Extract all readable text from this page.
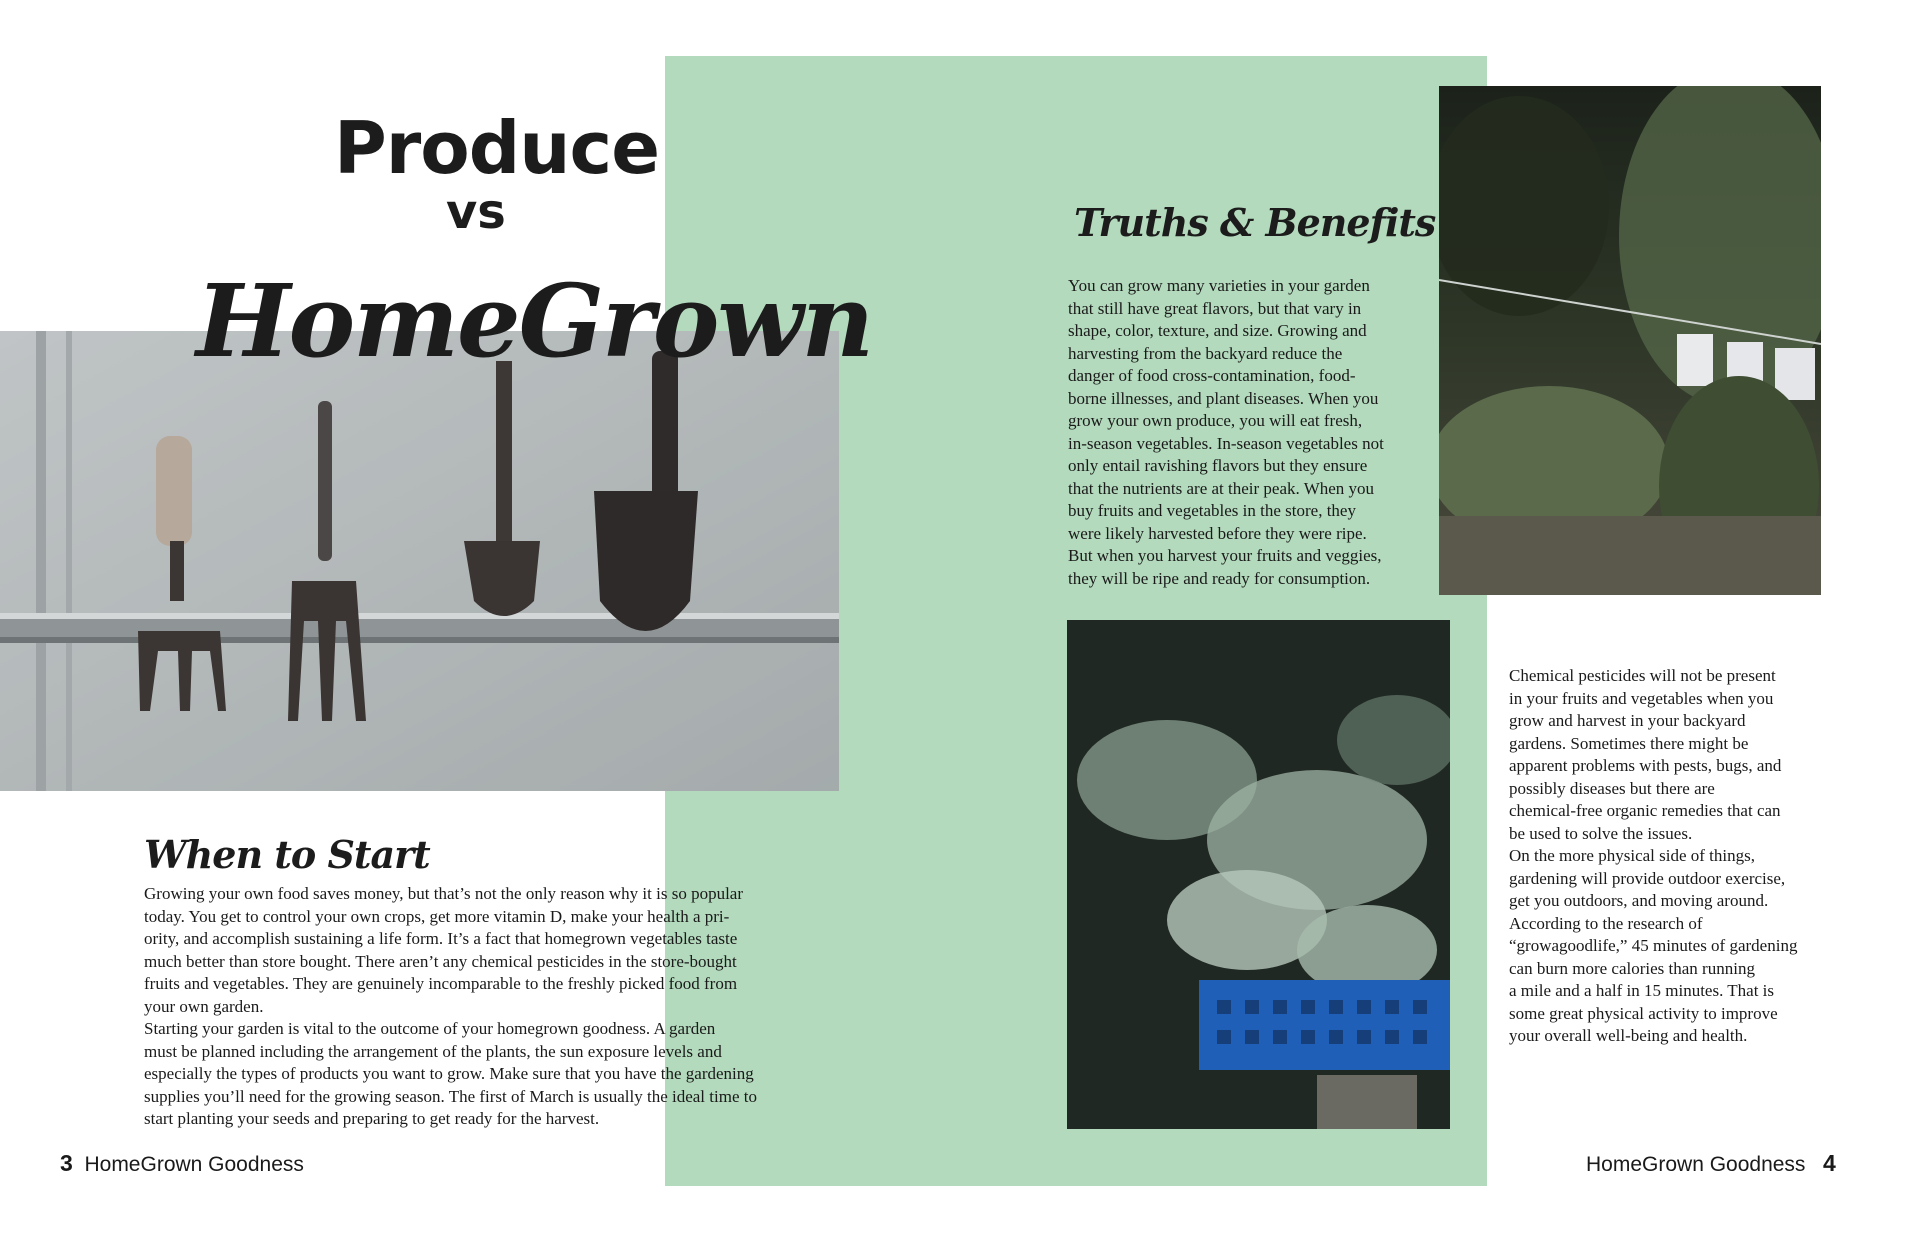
Produce
vs
HomeGrown
Truths & Benefits

You can grow many varieties in your garden

that still have great flavors, but that vary in

shape, color, texture, and size. Growing and

harvesting from the backyard reduce the

danger of food cross-contamination, food-

borne illnesses, and plant diseases. When you

grow your own produce, you will eat fresh,

in-season vegetables. In-season vegetables not

only entail ravishing flavors but they ensure

that the nutrients are at their peak. When you

buy fruits and vegetables in the store, they

were likely harvested before they were ripe.

But when you harvest your fruits and veggies,

they will be ripe and ready for consumption.

Chemical pesticides will not be present

in your fruits and vegetables when you

grow and harvest in your backyard

gardens. Sometimes there might be

apparent problems with pests, bugs, and

possibly diseases but there are

chemical-free organic remedies that can

be used to solve the issues.

On the more physical side of things,

gardening will provide outdoor exercise,

get you outdoors, and moving around.

According to the research of

“growagoodlife,” 45 minutes of gardening

can burn more calories than running

a mile and a half in 15 minutes. That is

some great physical activity to improve

your overall well-being and health.

When to Start

Growing your own food saves money, but that’s not the only reason why it is so popular

today. You get to control your own crops, get more vitamin D, make your health a pri-

ority, and accomplish sustaining a life form. It’s a fact that homegrown vegetables taste

much better than store bought. There aren’t any chemical pesticides in the store-bought

fruits and vegetables. They are genuinely incomparable to the freshly picked food from

your own garden.

Starting your garden is vital to the outcome of your homegrown goodness. A garden

must be planned including the arrangement of the plants, the sun exposure levels and

especially the types of products you want to grow. Make sure that you have the gardening

supplies you’ll need for the growing season. The first of March is usually the ideal time to

start planting your seeds and preparing to get ready for the harvest.

3 HomeGrown Goodness	HomeGrown Goodness 4
